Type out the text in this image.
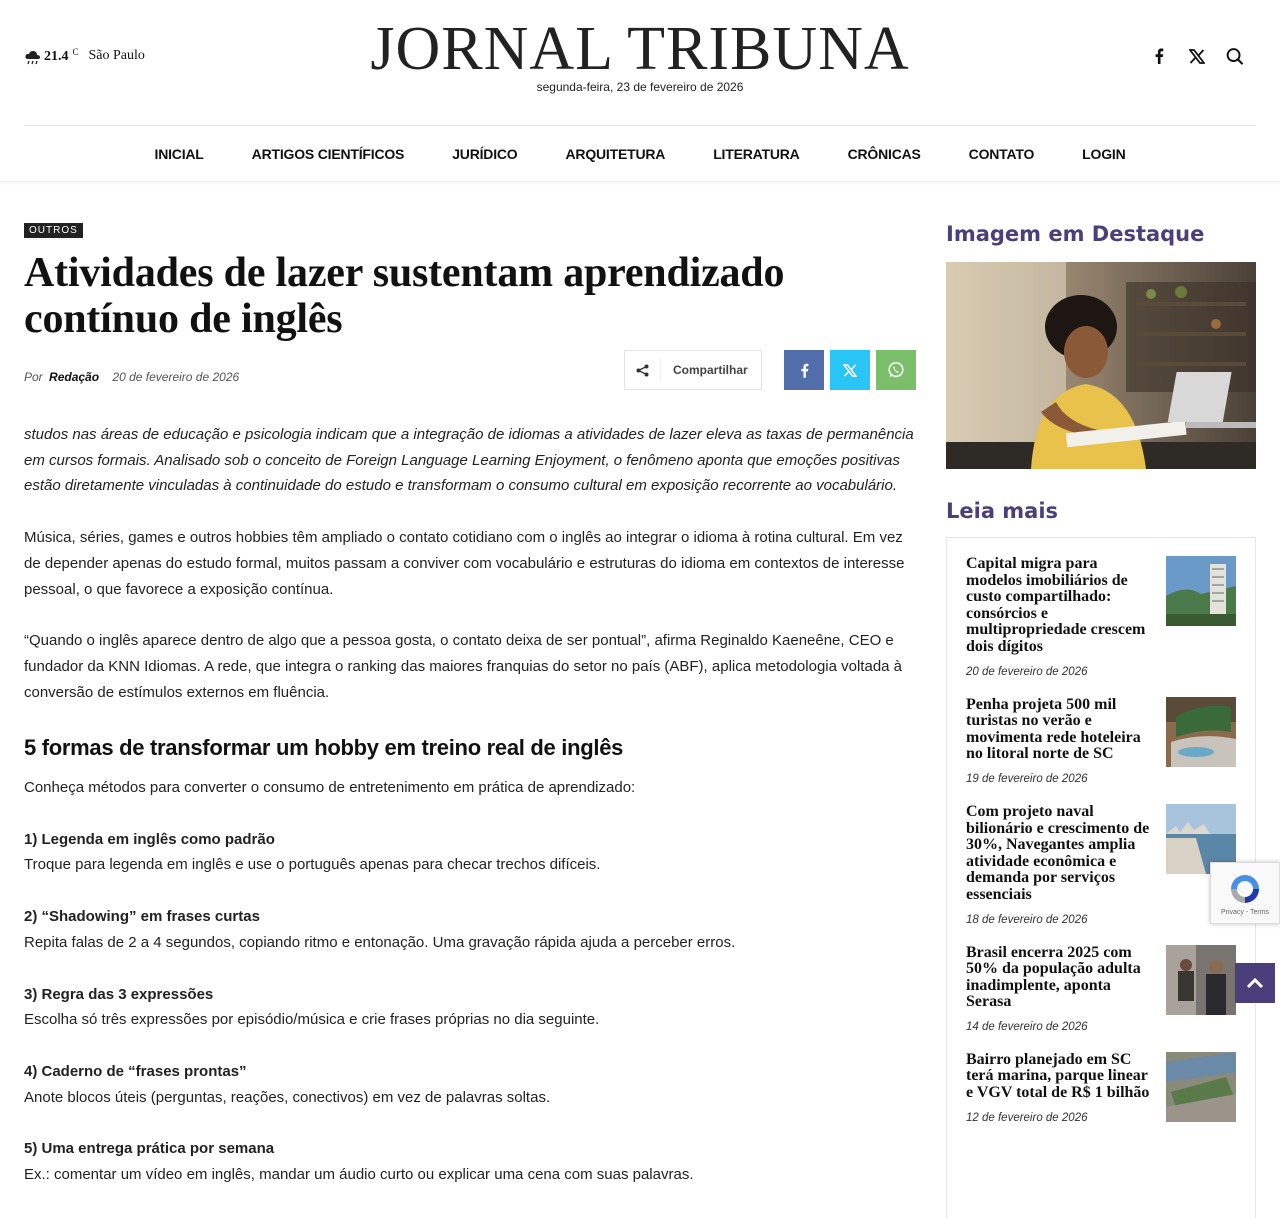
21.4 C São Paulo	JORNAL TRIBUNA
segunda-feira, 23 de fevereiro de 2026
INICIAL	ARTIGOS CIENTÍFICOS	JURÍDICO	ARQUITETURA	LITERATURA	CRÔNICAS	CONTATO	LOGIN
OUTROS
Atividades de lazer sustentam aprendizado contínuo de inglês
Por Redação 20 de fevereiro de 2026	Compartilhar

studos nas áreas de educação e psicologia indicam que a integração de idiomas a atividades de lazer eleva as taxas de permanência em cursos formais. Analisado sob o conceito de Foreign Language Learning Enjoyment, o fenômeno aponta que emoções positivas estão diretamente vinculadas à continuidade do estudo e transformam o consumo cultural em exposição recorrente ao vocabulário.

Música, séries, games e outros hobbies têm ampliado o contato cotidiano com o inglês ao integrar o idioma à rotina cultural. Em vez de depender apenas do estudo formal, muitos passam a conviver com vocabulário e estruturas do idioma em contextos de interesse pessoal, o que favorece a exposição contínua.

“Quando o inglês aparece dentro de algo que a pessoa gosta, o contato deixa de ser pontual”, afirma Reginaldo Kaeneêne, CEO e fundador da KNN Idiomas. A rede, que integra o ranking das maiores franquias do setor no país (ABF), aplica metodologia voltada à conversão de estímulos externos em fluência.

5 formas de transformar um hobby em treino real de inglês

Conheça métodos para converter o consumo de entretenimento em prática de aprendizado:

1) Legenda em inglês como padrão
Troque para legenda em inglês e use o português apenas para checar trechos difíceis.
2) “Shadowing” em frases curtas
Repita falas de 2 a 4 segundos, copiando ritmo e entonação. Uma gravação rápida ajuda a perceber erros.
3) Regra das 3 expressões
Escolha só três expressões por episódio/música e crie frases próprias no dia seguinte.
4) Caderno de “frases prontas”
Anote blocos úteis (perguntas, reações, conectivos) em vez de palavras soltas.
5) Uma entrega prática por semana
Ex.: comentar um vídeo em inglês, mandar um áudio curto ou explicar uma cena com suas palavras.
Imagem em Destaque
Leia mais
Capital migra para modelos imobiliários de custo compartilhado: consórcios e multipropriedade crescem dois dígitos
20 de fevereiro de 2026
Penha projeta 500 mil turistas no verão e movimenta rede hoteleira no litoral norte de SC
19 de fevereiro de 2026
Com projeto naval bilionário e crescimento de 30%, Navegantes amplia atividade econômica e demanda por serviços essenciais
18 de fevereiro de 2026
Brasil encerra 2025 com 50% da população adulta inadimplente, aponta Serasa
14 de fevereiro de 2026
Bairro planejado em SC terá marina, parque linear e VGV total de R$ 1 bilhão
12 de fevereiro de 2026
Privacy - Terms
